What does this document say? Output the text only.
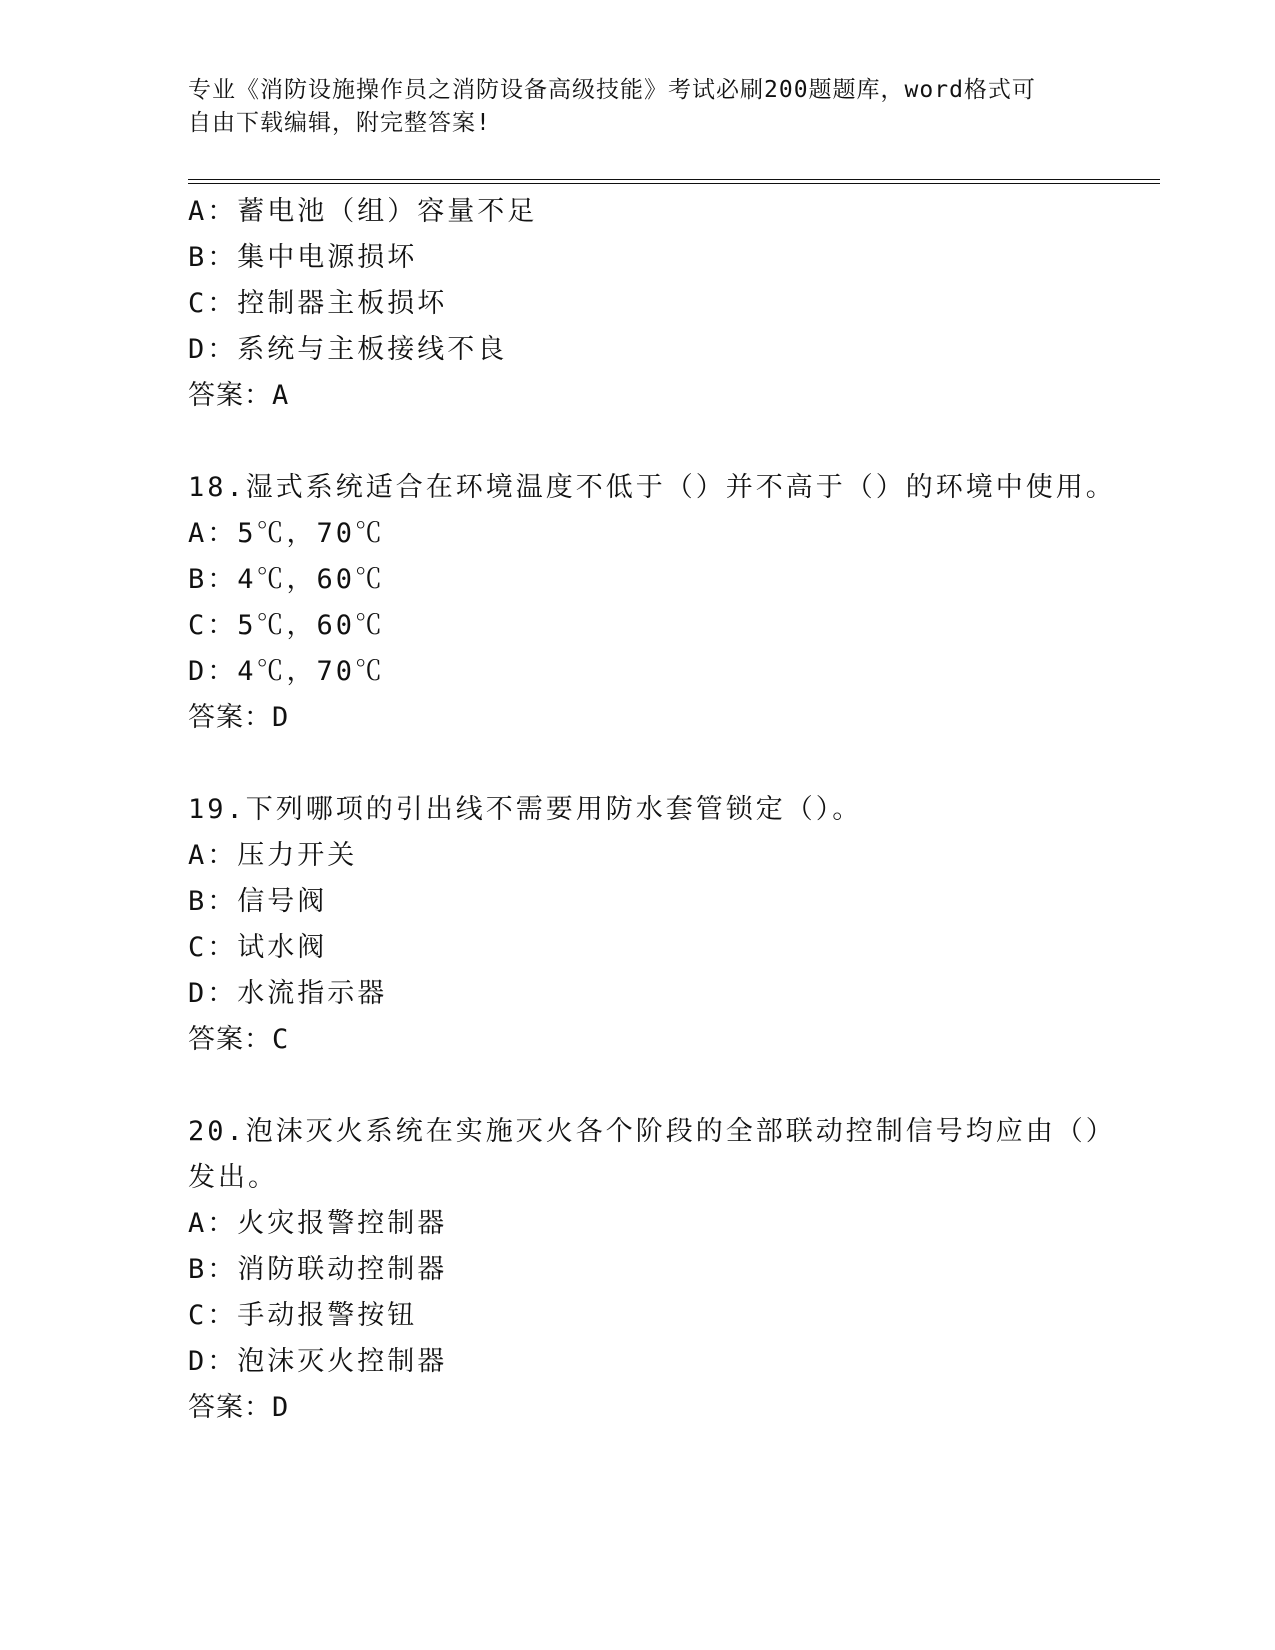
专业《消防设施操作员之消防设备高级技能》考试必刷200题题库，word格式可
自由下载编辑，附完整答案!
A：蓄电池（组）容量不足
B：集中电源损坏
C：控制器主板损坏
D：系统与主板接线不良
答案：A
18.湿式系统适合在环境温度不低于（）并不高于（）的环境中使用。
A：5℃，70℃
B：4℃，60℃
C：5℃，60℃
D：4℃，70℃
答案：D
19.下列哪项的引出线不需要用防水套管锁定（）。
A：压力开关
B：信号阀
C：试水阀
D：水流指示器
答案：C
20.泡沫灭火系统在实施灭火各个阶段的全部联动控制信号均应由（）
发出。
A：火灾报警控制器
B：消防联动控制器
C：手动报警按钮
D：泡沫灭火控制器
答案：D
